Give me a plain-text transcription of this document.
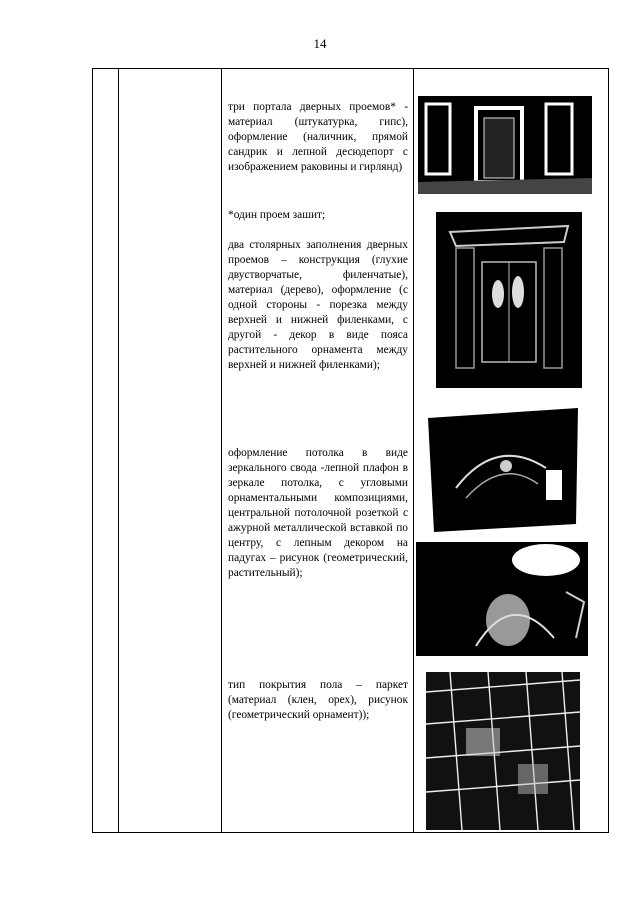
14

три портала дверных проемов* - материал (штукатурка, гипс), оформление (наличник, прямой сандрик и лепной десюдепорт с изображением раковины и гирлянд)

*один проем зашит;

два столярных заполнения дверных проемов – конструкция (глухие двустворчатые, филенчатые), материал (дерево), оформление (с одной стороны - порезка между верхней и нижней филенками, с другой - декор в виде пояса растительного орнамента между верхней и нижней филенками);

оформление потолка в виде зеркального свода -лепной плафон в зеркале потолка, с угловыми орнаментальными композициями, центральной потолочной розеткой с ажурной металлической вставкой по центру, с лепным декором на падугах – рисунок (геометрический, растительный);

тип покрытия пола – паркет (материал (клен, орех), рисунок (геометрический орнамент));
